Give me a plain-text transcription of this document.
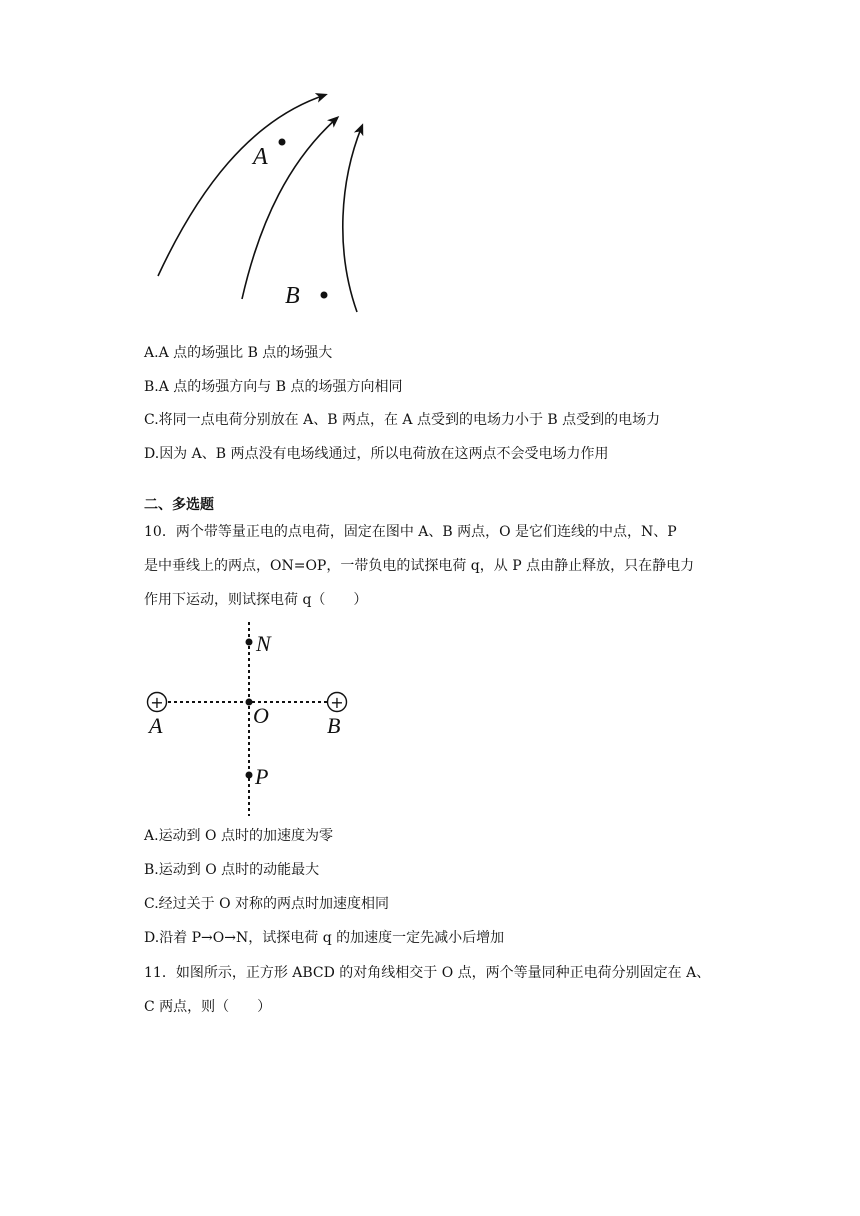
A
B
A.A 点的场强比 B 点的场强大
B.A 点的场强方向与 B 点的场强方向相同
C.将同一点电荷分别放在 A、B 两点，在 A 点受到的电场力小于 B 点受到的电场力
D.因为 A、B 两点没有电场线通过，所以电荷放在这两点不会受电场力作用
二、多选题
10．两个带等量正电的点电荷，固定在图中 A、B 两点，O 是它们连线的中点，N、P
是中垂线上的两点，ON=OP，一带负电的试探电荷 q，从 P 点由静止释放，只在静电力
作用下运动，则试探电荷 q（　　）
+	+
N
O
P
A	B
A.运动到 O 点时的加速度为零
B.运动到 O 点时的动能最大
C.经过关于 O 对称的两点时加速度相同
D.沿着 P→O→N，试探电荷 q 的加速度一定先减小后增加
11．如图所示，正方形 ABCD 的对角线相交于 O 点，两个等量同种正电荷分别固定在 A、
C 两点，则（　　）
